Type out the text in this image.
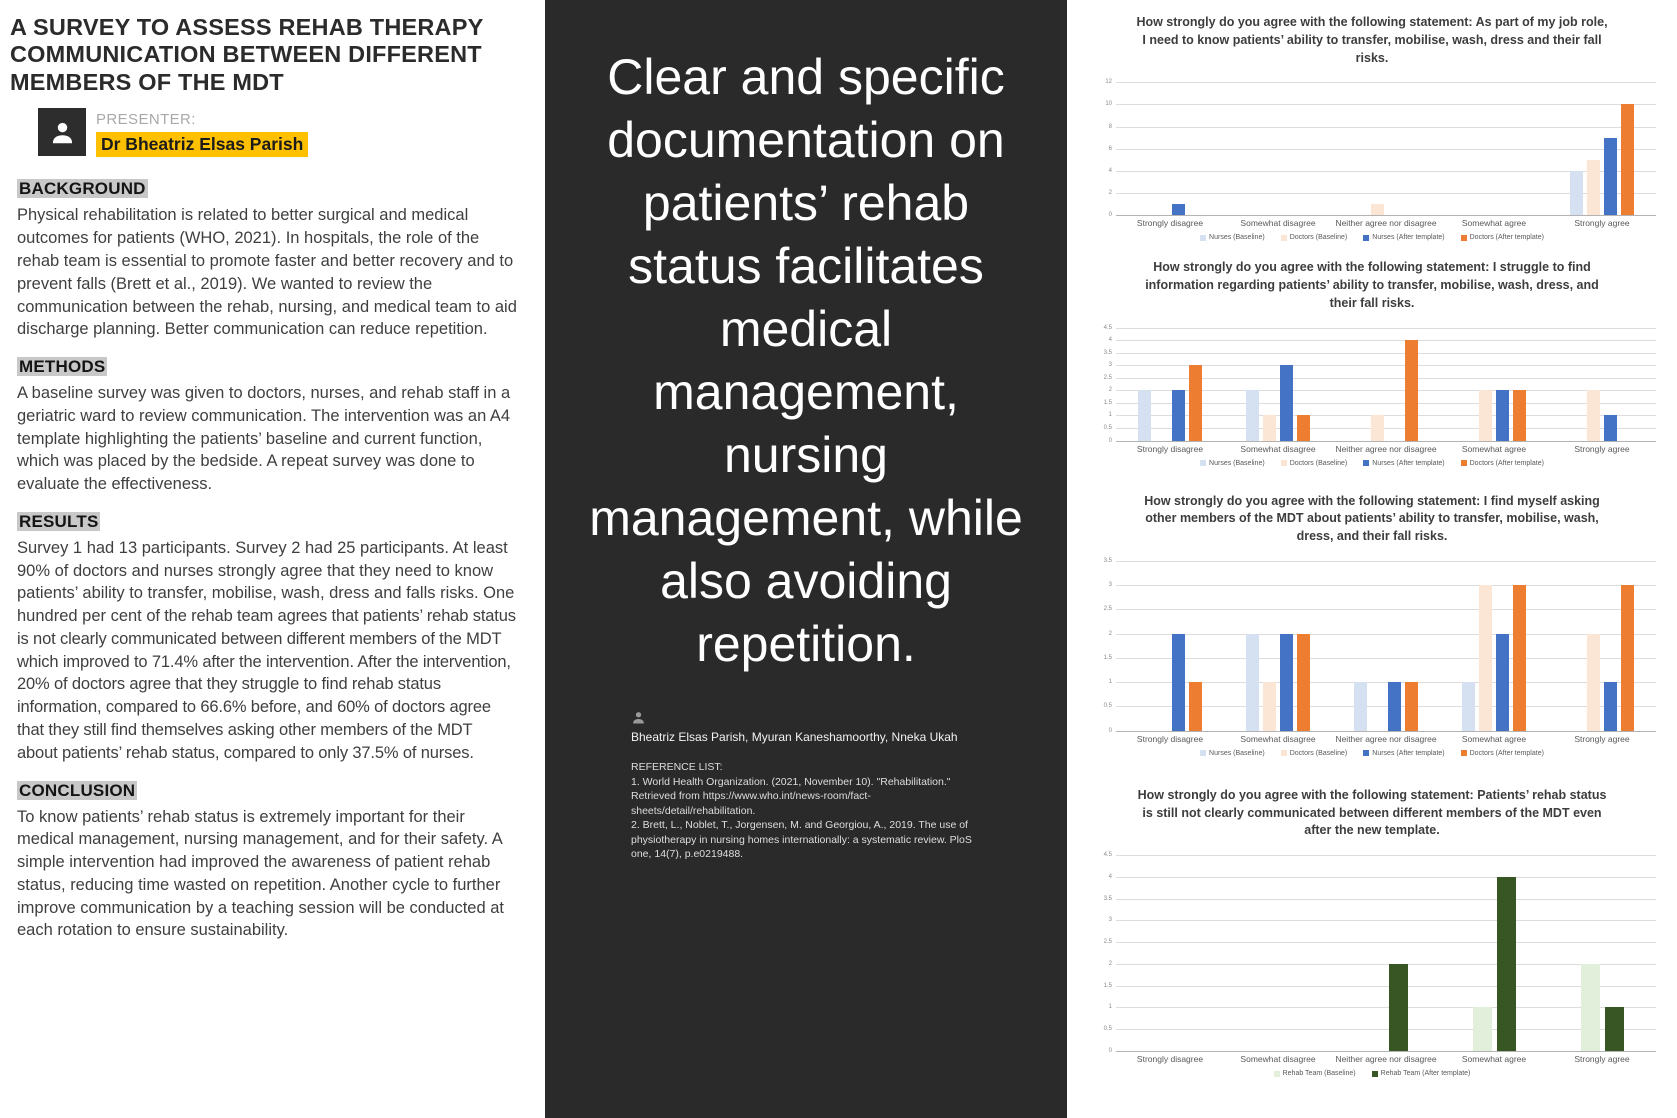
A SURVEY TO ASSESS REHAB THERAPY COMMUNICATION BETWEEN DIFFERENT MEMBERS OF THE MDT
PRESENTER:
Dr Bheatriz Elsas Parish
BACKGROUND

Physical rehabilitation is related to better surgical and medical outcomes for patients (WHO, 2021). In hospitals, the role of the rehab team is essential to promote faster and better recovery and to prevent falls (Brett et al., 2019). We wanted to review the communication between the rehab, nursing, and medical team to aid discharge planning. Better communication can reduce repetition.

METHODS

A baseline survey was given to doctors, nurses, and rehab staff in a geriatric ward to review communication. The intervention was an A4 template highlighting the patients’ baseline and current function, which was placed by the bedside. A repeat survey was done to evaluate the effectiveness.

RESULTS

Survey 1 had 13 participants. Survey 2 had 25 participants. At least 90% of doctors and nurses strongly agree that they need to know patients’ ability to transfer, mobilise, wash, dress and falls risks. One hundred per cent of the rehab team agrees that patients’ rehab status is not clearly communicated between different members of the MDT which improved to 71.4% after the intervention. After the intervention, 20% of doctors agree that they struggle to find rehab status information, compared to 66.6% before, and 60% of doctors agree that they still find themselves asking other members of the MDT about patients’ rehab status, compared to only 37.5% of nurses.

CONCLUSION

To know patients’ rehab status is extremely important for their medical management, nursing management, and for their safety. A simple intervention had improved the awareness of patient rehab status, reducing time wasted on repetition. Another cycle to further improve communication by a teaching session will be conducted at each rotation to ensure sustainability.

Clear and specific documentation on patients’ rehab status facilitates medical management, nursing management, while also avoiding repetition.
Bheatriz Elsas Parish, Myuran Kaneshamoorthy, Nneka Ukah
REFERENCE LIST:
1. World Health Organization. (2021, November 10). "Rehabilitation." Retrieved from https://www.who.int/news-room/fact-sheets/detail/rehabilitation.
2. Brett, L., Noblet, T., Jorgensen, M. and Georgiou, A., 2019. The use of physiotherapy in nursing homes internationally: a systematic review. PloS one, 14(7), p.e0219488.
How strongly do you agree with the following statement: As part of my job role, I need to know patients’ ability to transfer, mobilise, wash, dress and their fall risks.
0
2
4
6
8
10
12
Strongly disagree	Somewhat disagree	Neither agree nor disagree	Somewhat agree	Strongly agree
Nurses (Baseline)	Doctors (Baseline)	Nurses (After template)	Doctors (After template)
How strongly do you agree with the following statement: I struggle to find information regarding patients’ ability to transfer, mobilise, wash, dress, and their fall risks.
0
0.5
1
1.5
2
2.5
3
3.5
4
4.5
Strongly disagree	Somewhat disagree	Neither agree nor disagree	Somewhat agree	Strongly agree
Nurses (Baseline)	Doctors (Baseline)	Nurses (After template)	Doctors (After template)
How strongly do you agree with the following statement: I find myself asking other members of the MDT about patients’ ability to transfer, mobilise, wash, dress, and their fall risks.
0
0.5
1
1.5
2
2.5
3
3.5
Strongly disagree	Somewhat disagree	Neither agree nor disagree	Somewhat agree	Strongly agree
Nurses (Baseline)	Doctors (Baseline)	Nurses (After template)	Doctors (After template)
How strongly do you agree with the following statement: Patients’ rehab status is still not clearly communicated between different members of the MDT even after the new template.
0
0.5
1
1.5
2
2.5
3
3.5
4
4.5
Strongly disagree	Somewhat disagree	Neither agree nor disagree	Somewhat agree	Strongly agree
Rehab Team (Baseline)	Rehab Team (After template)
